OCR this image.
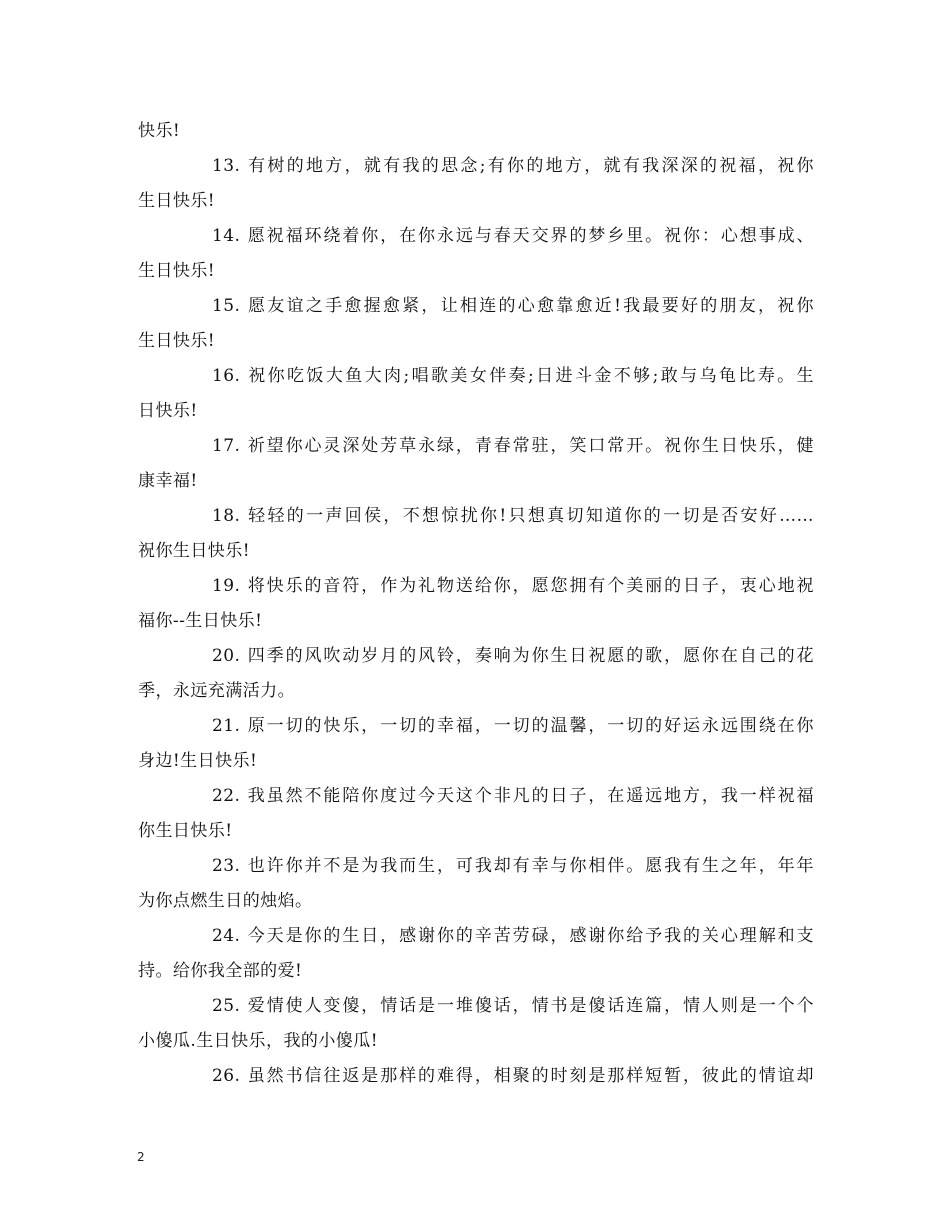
快乐!
13. 有树的地方，就有我的思念;有你的地方，就有我深深的祝福，祝你
生日快乐!
14. 愿祝福环绕着你，在你永远与春天交界的梦乡里。祝你：心想事成、
生日快乐!
15. 愿友谊之手愈握愈紧，让相连的心愈靠愈近!我最要好的朋友，祝你
生日快乐!
16. 祝你吃饭大鱼大肉;唱歌美女伴奏;日进斗金不够;敢与乌龟比寿。生
日快乐!
17. 祈望你心灵深处芳草永绿，青春常驻，笑口常开。祝你生日快乐，健
康幸福!
18. 轻轻的一声回侯，不想惊扰你!只想真切知道你的一切是否安好……
祝你生日快乐!
19. 将快乐的音符，作为礼物送给你，愿您拥有个美丽的日子，衷心地祝
福你--生日快乐!
20. 四季的风吹动岁月的风铃，奏响为你生日祝愿的歌，愿你在自己的花
季，永远充满活力。
21. 原一切的快乐，一切的幸福，一切的温馨，一切的好运永远围绕在你
身边!生日快乐!
22. 我虽然不能陪你度过今天这个非凡的日子，在遥远地方，我一样祝福
你生日快乐!
23. 也许你并不是为我而生，可我却有幸与你相伴。愿我有生之年，年年
为你点燃生日的烛焰。
24. 今天是你的生日，感谢你的辛苦劳碌，感谢你给予我的关心理解和支
持。给你我全部的爱!
25. 爱情使人变傻，情话是一堆傻话，情书是傻话连篇，情人则是一个个
小傻瓜.生日快乐，我的小傻瓜!
26. 虽然书信往返是那样的难得，相聚的时刻是那样短暂，彼此的情谊却
2
